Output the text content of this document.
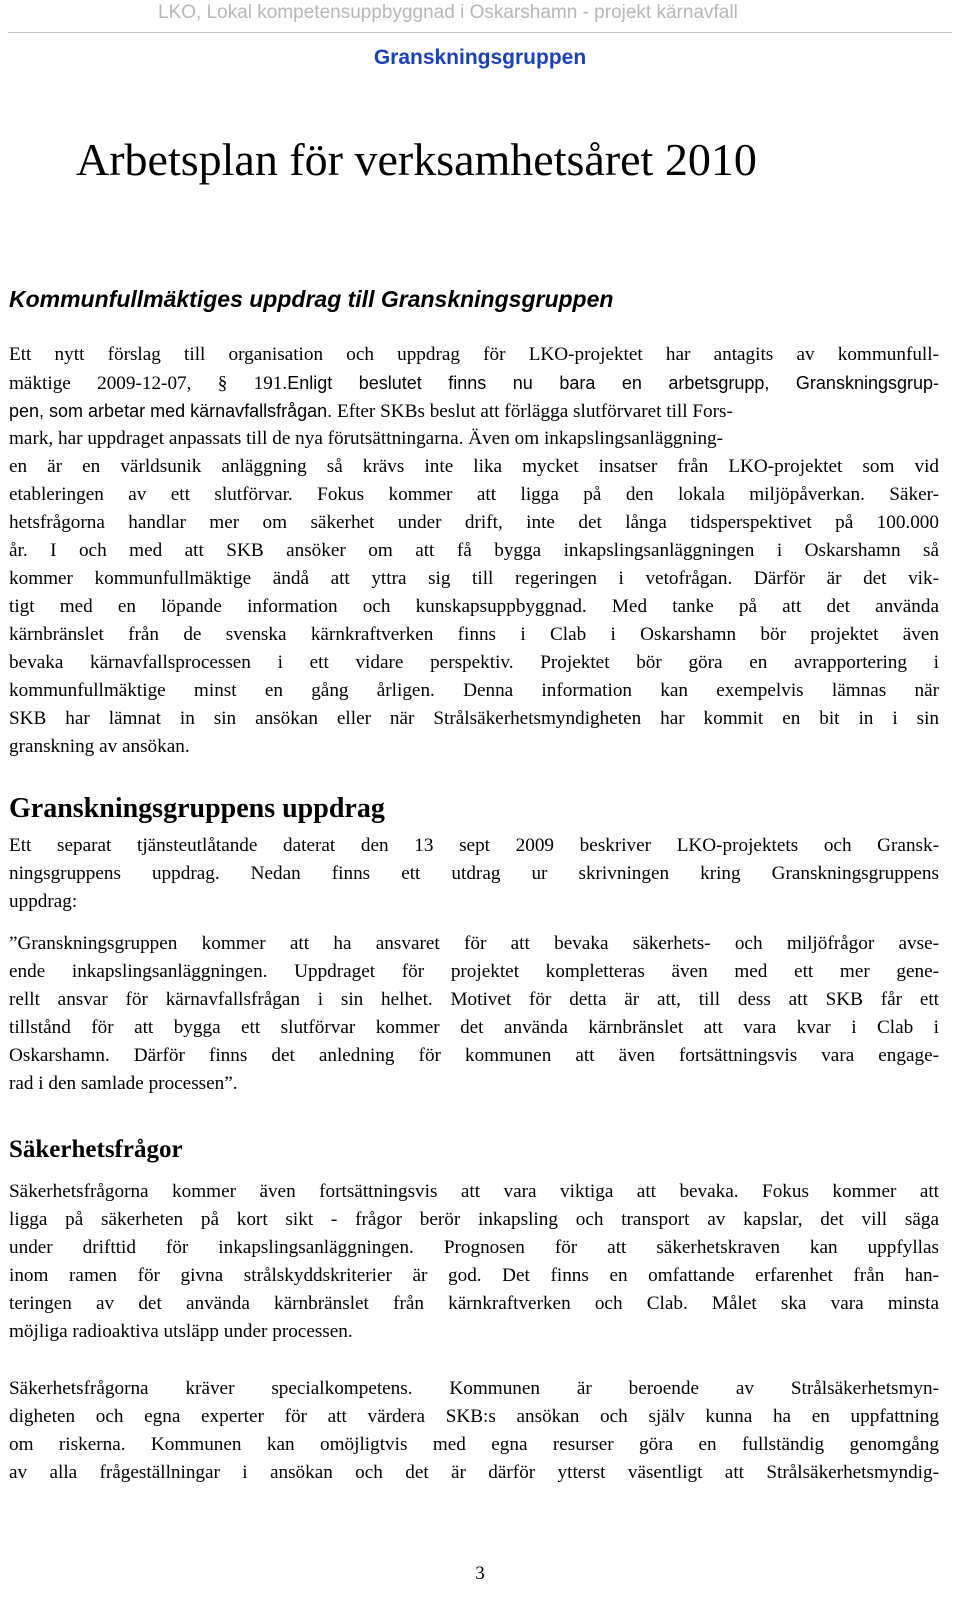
LKO, Lokal kompetensuppbyggnad i Oskarshamn - projekt kärnavfall
Granskningsgruppen
Arbetsplan för verksamhetsåret 2010
Kommunfullmäktiges uppdrag till Granskningsgruppen
Ett nytt förslag till organisation och uppdrag för LKO-projektet har antagits av kommunfull-
mäktige 2009-12-07, § 191.Enligt beslutet finns nu bara en arbetsgrupp, Granskningsgrup-
pen, som arbetar med kärnavfallsfrågan. Efter SKBs beslut att förlägga slutförvaret till Fors-
mark, har uppdraget anpassats till de nya förutsättningarna. Även om inkapslingsanläggning-
en är en världsunik anläggning så krävs inte lika mycket insatser från LKO-projektet som vid
etableringen av ett slutförvar. Fokus kommer att ligga på den lokala miljöpåverkan. Säker-
hetsfrågorna handlar mer om säkerhet under drift, inte det långa tidsperspektivet på 100.000
år. I och med att SKB ansöker om att få bygga inkapslingsanläggningen i Oskarshamn så
kommer kommunfullmäktige ändå att yttra sig till regeringen i vetofrågan. Därför är det vik-
tigt med en löpande information och kunskapsuppbyggnad. Med tanke på att det använda
kärnbränslet från de svenska kärnkraftverken finns i Clab i Oskarshamn bör projektet även
bevaka kärnavfallsprocessen i ett vidare perspektiv. Projektet bör göra en avrapportering i
kommunfullmäktige minst en gång årligen. Denna information kan exempelvis lämnas när
SKB har lämnat in sin ansökan eller när Strålsäkerhetsmyndigheten har kommit en bit in i sin
granskning av ansökan.
Granskningsgruppens uppdrag
Ett separat tjänsteutlåtande daterat den 13 sept 2009 beskriver LKO-projektets och Gransk-
ningsgruppens uppdrag. Nedan finns ett utdrag ur skrivningen kring Granskningsgruppens
uppdrag:
”Granskningsgruppen kommer att ha ansvaret för att bevaka säkerhets- och miljöfrågor avse-
ende inkapslingsanläggningen. Uppdraget för projektet kompletteras även med ett mer gene-
rellt ansvar för kärnavfallsfrågan i sin helhet. Motivet för detta är att, till dess att SKB får ett
tillstånd för att bygga ett slutförvar kommer det använda kärnbränslet att vara kvar i Clab i
Oskarshamn. Därför finns det anledning för kommunen att även fortsättningsvis vara engage-
rad i den samlade processen”.
Säkerhetsfrågor
Säkerhetsfrågorna kommer även fortsättningsvis att vara viktiga att bevaka. Fokus kommer att
ligga på säkerheten på kort sikt - frågor berör inkapsling och transport av kapslar, det vill säga
under drifttid för inkapslingsanläggningen. Prognosen för att säkerhetskraven kan uppfyllas
inom ramen för givna strålskyddskriterier är god. Det finns en omfattande erfarenhet från han-
teringen av det använda kärnbränslet från kärnkraftverken och Clab. Målet ska vara minsta
möjliga radioaktiva utsläpp under processen.
Säkerhetsfrågorna kräver specialkompetens. Kommunen är beroende av Strålsäkerhetsmyn-
digheten och egna experter för att värdera SKB:s ansökan och själv kunna ha en uppfattning
om riskerna. Kommunen kan omöjligtvis med egna resurser göra en fullständig genomgång
av alla frågeställningar i ansökan och det är därför ytterst väsentligt att Strålsäkerhetsmyndig-
3
